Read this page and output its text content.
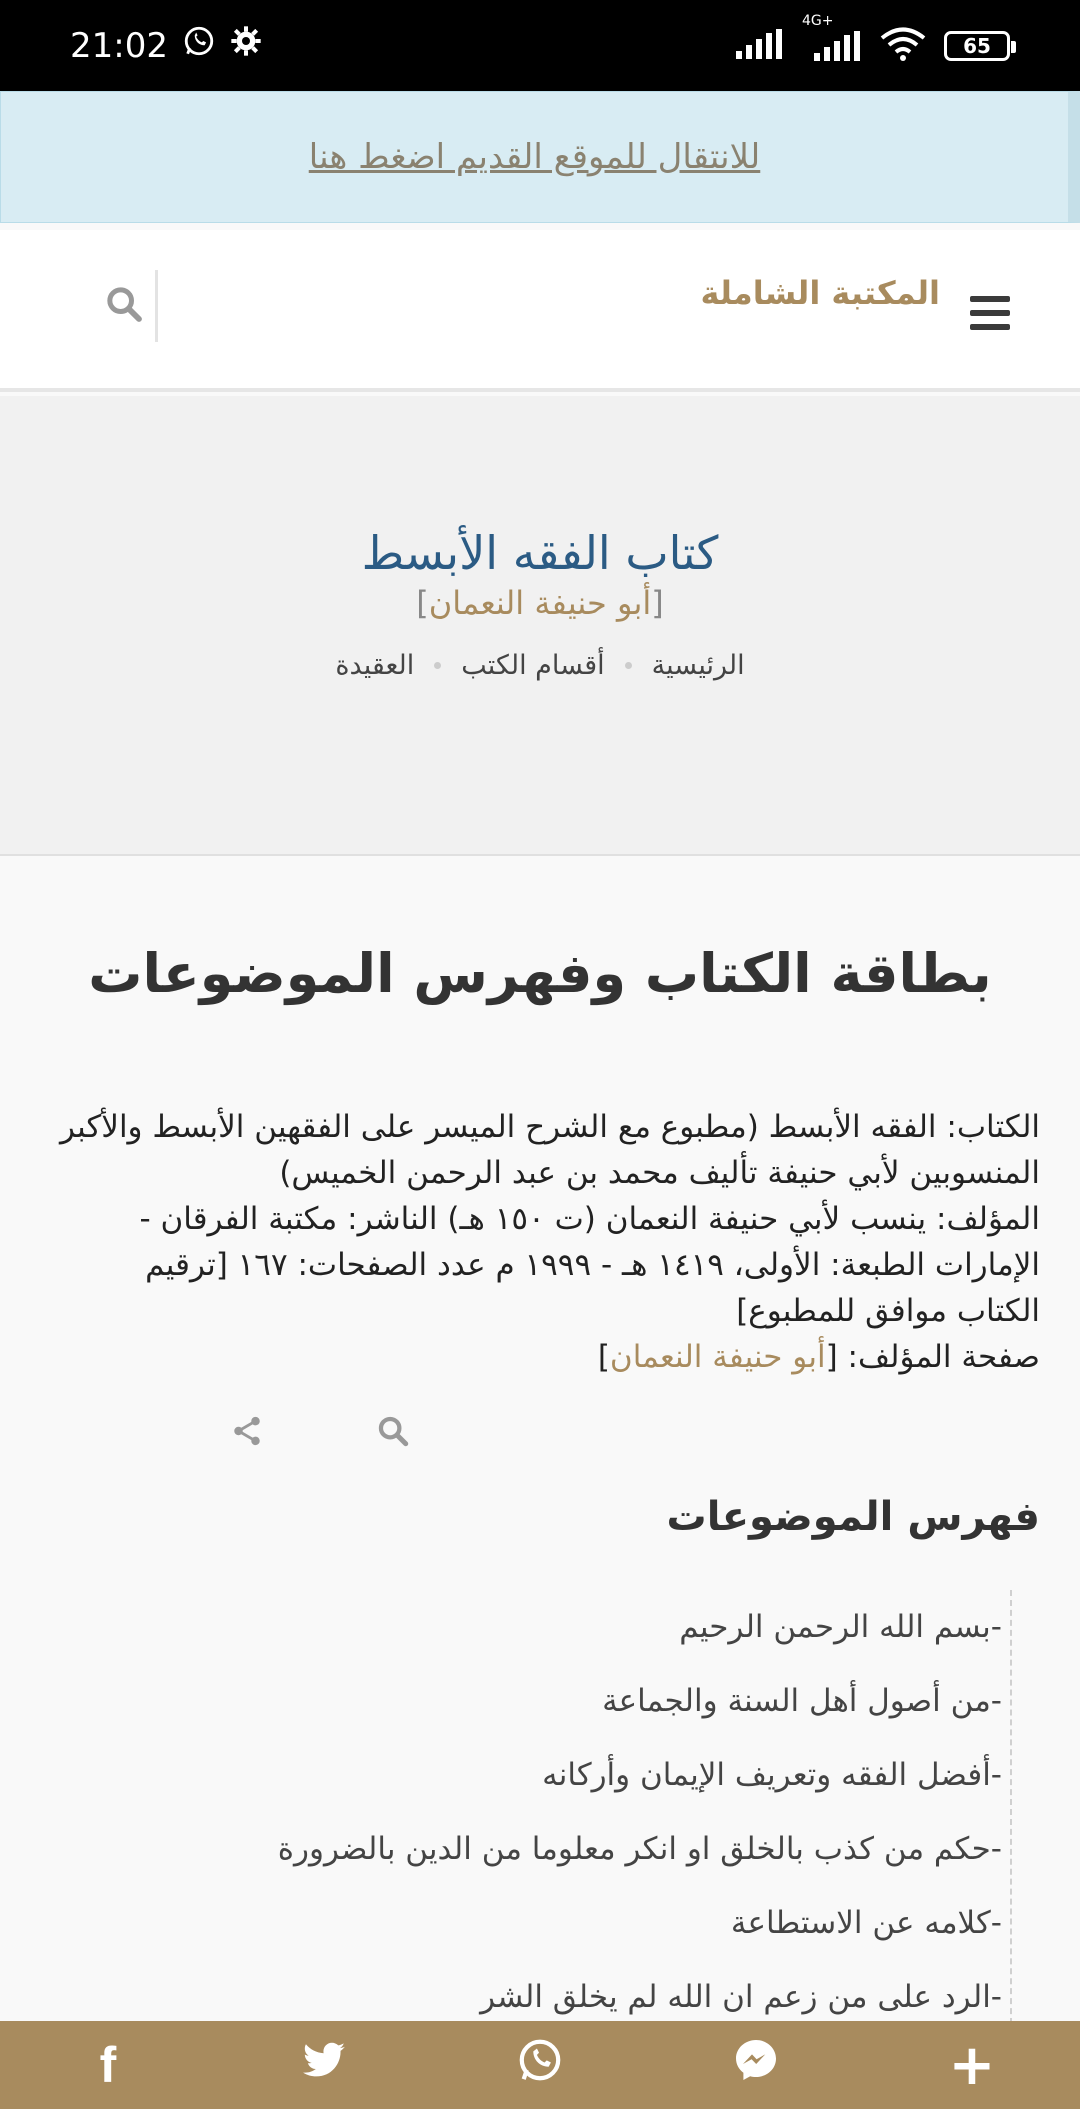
21:02
4G+
65
للانتقال للموقع القديم اضغط هنا
المكتبة الشاملة
كتاب الفقه الأبسط
[أبو حنيفة النعمان]
الرئيسية
أقسام الكتب
العقيدة
بطاقة الكتاب وفهرس الموضوعات

الكتاب: الفقه الأبسط (مطبوع مع الشرح الميسر على الفقهين الأبسط والأكبر المنسوبين لأبي حنيفة تأليف محمد بن عبد الرحمن الخميس)

المؤلف: ينسب لأبي حنيفة النعمان (ت ١٥٠ هـ) الناشر: مكتبة الفرقان - الإمارات الطبعة: الأولى، ١٤١٩ هـ - ١٩٩٩ م عدد الصفحات: ١٦٧ [ترقيم الكتاب موافق للمطبوع]

صفحة المؤلف: [أبو حنيفة النعمان]

فهرس الموضوعات
-بسم الله الرحمن الرحيم
-من أصول أهل السنة والجماعة
-أفضل الفقه وتعريف الإيمان وأركانه
-حكم من كذب بالخلق او انكر معلوما من الدين بالضرورة
-كلامه عن الاستطاعة
-الرد على من زعم ان الله لم يخلق الشر
f	+
